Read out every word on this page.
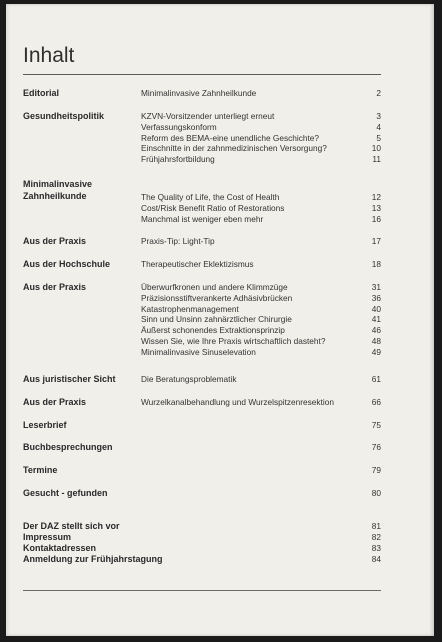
Inhalt
Editorial	Minimalinvasive Zahnheilkunde	2
Gesundheitspolitik	KZVN-Vorsitzender unterliegt erneut	3
Verfassungskonform	4
Reform des BEMA-eine unendliche Geschichte?	5
Einschnitte in der zahnmedizinischen Versorgung?	10
Frühjahrsfortbildung	11
Minimalinvasive Zahnheilkunde	The Quality of Life, the Cost of Health	12
Cost/Risk Benefit Ratio of Restorations	13
Manchmal ist weniger eben mehr	16
Aus der Praxis	Praxis-Tip: Light-Tip	17
Aus der Hochschule	Therapeutischer Eklektizismus	18
Aus der Praxis	Überwurfkronen und andere Klimmzüge	31
Präzisionsstiftverankerte Adhäsivbrücken	36
Katastrophenmanagement	40
Sinn und Unsinn zahnärztlicher Chirurgie	41
Äußerst schonendes Extraktionsprinzip	46
Wissen Sie, wie Ihre Praxis wirtschaftlich dasteht?	48
Minimalinvasive Sinuselevation	49
Aus juristischer Sicht	Die Beratungsproblematik	61
Aus der Praxis	Wurzelkanalbehandlung und Wurzelspitzenresektion	66
Leserbrief	75
Buchbesprechungen	76
Termine	79
Gesucht - gefunden	80
Der DAZ stellt sich vor	81
Impressum	82
Kontaktadressen	83
Anmeldung zur Frühjahrstagung	84
